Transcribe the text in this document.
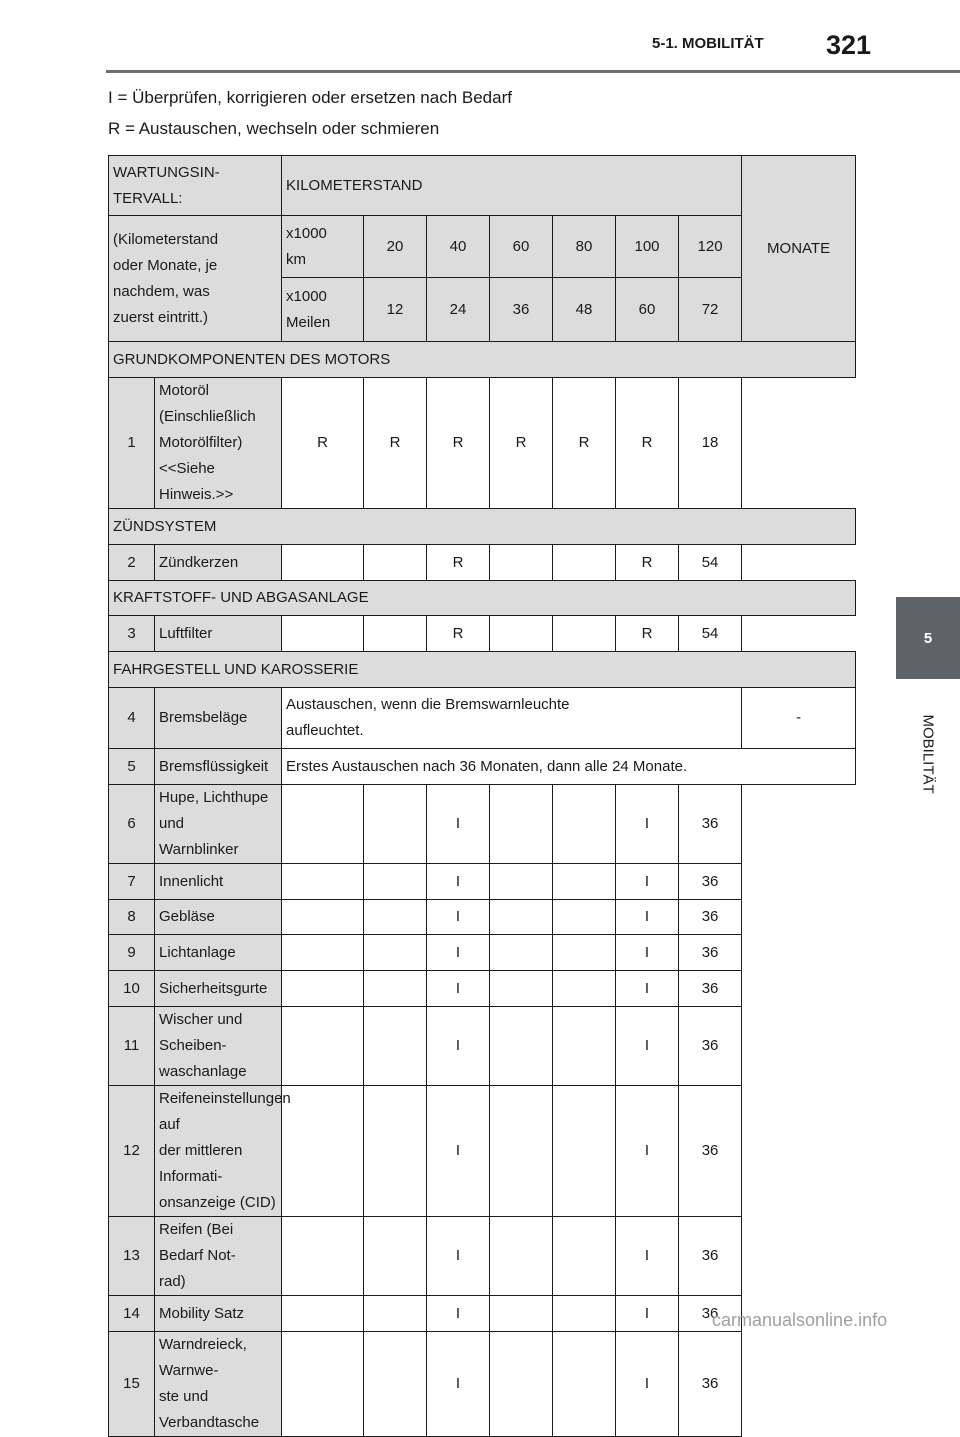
5-1. MOBILITÄT 321
I = Überprüfen, korrigieren oder ersetzen nach Bedarf
R = Austauschen, wechseln oder schmieren
WARTUNGSIN-
TERVALL:		KILOMETERSTAND							MONATE
(Kilometerstand
oder Monate, je
nachdem, was
zuerst eintritt.)		x1000
km	20	40	60	80	100	120	
		x1000
Meilen	12	24	36	48	60	72	
GRUNDKOMPONENTEN DES MOTORS									
1	Motoröl (Einschließlich
Motorölfilter) <<Siehe
Hinweis.>>	R	R	R	R	R	R	18	
ZÜNDSYSTEM									
2	Zündkerzen			R			R	54	
KRAFTSTOFF- UND ABGASANLAGE									
3	Luftfilter			R			R	54	
FAHRGESTELL UND KAROSSERIE									
4	Bremsbeläge	Austauschen, wenn die Bremswarnleuchte
aufleuchtet.							-
5	Bremsflüssigkeit	Erstes Austauschen nach 36 Monaten, dann alle 24 Monate.							
6	Hupe, Lichthupe und
Warnblinker			I			I	36	
7	Innenlicht			I			I	36	
8	Gebläse			I			I	36	
9	Lichtanlage			I			I	36	
10	Sicherheitsgurte			I			I	36	
11	Wischer und Scheiben-
waschanlage			I			I	36	
12	Reifeneinstellungen auf
der mittleren Informati-
onsanzeige (CID)			I			I	36	
13	Reifen (Bei Bedarf Not-
rad)			I			I	36	
14	Mobility Satz			I			I	36	
15	Warndreieck, Warnwe-
ste und Verbandtasche			I			I	36	
5
MOBILITÄT
carmanualsonline.info
